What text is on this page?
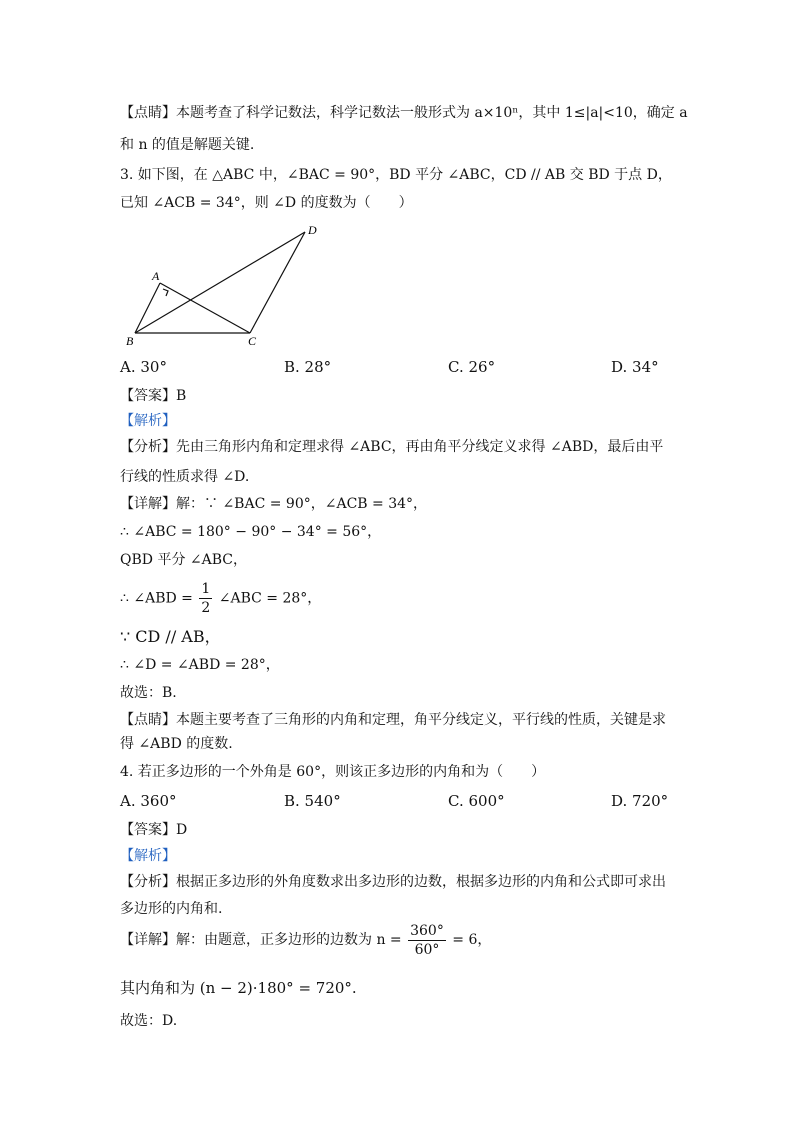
【点睛】本题考查了科学记数法，科学记数法一般形式为 a×10ⁿ，其中 1≤|a|<10，确定 a
和 n 的值是解题关键.
3. 如下图，在 △ABC 中，∠BAC = 90°，BD 平分 ∠ABC，CD // AB 交 BD 于点 D，
已知 ∠ACB = 34°，则 ∠D 的度数为（　　）
A
B	C
D
A. 30°	B. 28°	C. 26°	D. 34°
【答案】B
【解析】
【分析】先由三角形内角和定理求得 ∠ABC，再由角平分线定义求得 ∠ABD，最后由平
行线的性质求得 ∠D.
【详解】解：∵ ∠BAC = 90°，∠ACB = 34°，
∴ ∠ABC = 180° − 90° − 34° = 56°，
QBD 平分 ∠ABC，
∴ ∠ABD = $\frac{1}{2}$ ∠ABC = 28°，
∵ CD // AB，
∴ ∠D = ∠ABD = 28°，
故选：B.
【点睛】本题主要考查了三角形的内角和定理，角平分线定义，平行线的性质，关键是求
得 ∠ABD 的度数.
4. 若正多边形的一个外角是 60°，则该正多边形的内角和为（　　）
A. 360°	B. 540°	C. 600°	D. 720°
【答案】D
【解析】
【分析】根据正多边形的外角度数求出多边形的边数，根据多边形的内角和公式即可求出
多边形的内角和.
【详解】解：由题意，正多边形的边数为 $n = \frac{360^\circ}{60^\circ} = 6$，
其内角和为 (n − 2)·180° = 720°.
故选：D.
